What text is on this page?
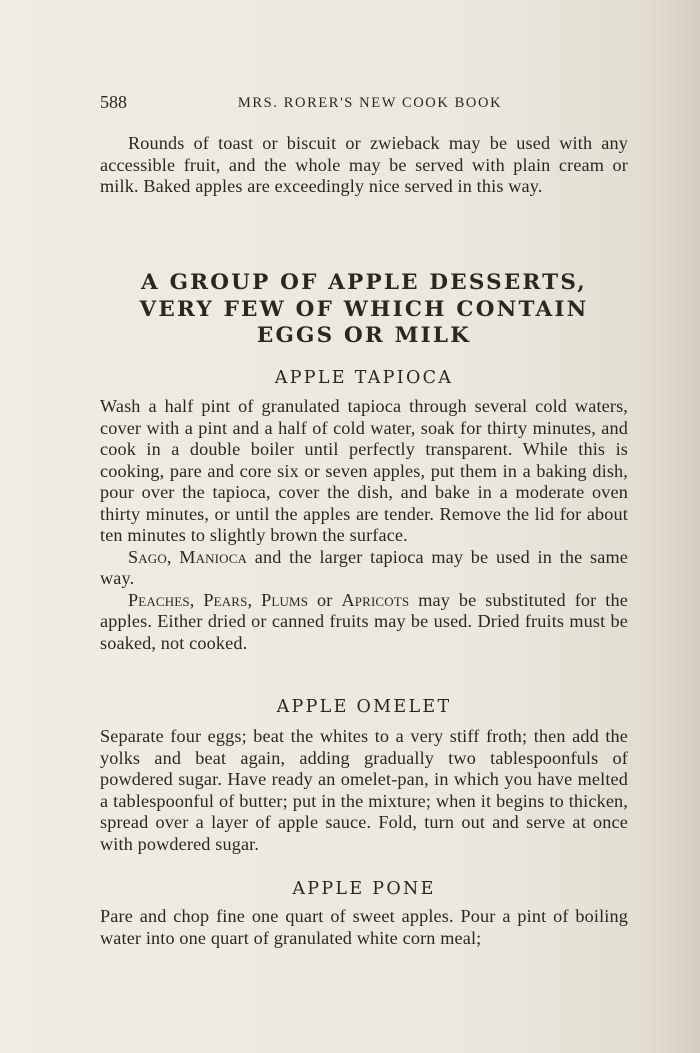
588	MRS. RORER'S NEW COOK BOOK

Rounds of toast or biscuit or zwieback may be used with any accessible fruit, and the whole may be served with plain cream or milk. Baked apples are exceedingly nice served in this way.

A GROUP OF APPLE DESSERTS, VERY FEW OF WHICH CONTAIN EGGS OR MILK
APPLE TAPIOCA

Wash a half pint of granulated tapioca through several cold waters, cover with a pint and a half of cold water, soak for thirty minutes, and cook in a double boiler until perfectly transparent. While this is cooking, pare and core six or seven apples, put them in a baking dish, pour over the tapioca, cover the dish, and bake in a moderate oven thirty minutes, or until the apples are tender. Remove the lid for about ten minutes to slightly brown the surface.

Sago, Manioca and the larger tapioca may be used in the same way.

Peaches, Pears, Plums or Apricots may be substituted for the apples. Either dried or canned fruits may be used. Dried fruits must be soaked, not cooked.

APPLE OMELET

Separate four eggs; beat the whites to a very stiff froth; then add the yolks and beat again, adding gradually two tablespoonfuls of powdered sugar. Have ready an omelet-pan, in which you have melted a tablespoonful of butter; put in the mixture; when it begins to thicken, spread over a layer of apple sauce. Fold, turn out and serve at once with powdered sugar.

APPLE PONE

Pare and chop fine one quart of sweet apples. Pour a pint of boiling water into one quart of granulated white corn meal;
